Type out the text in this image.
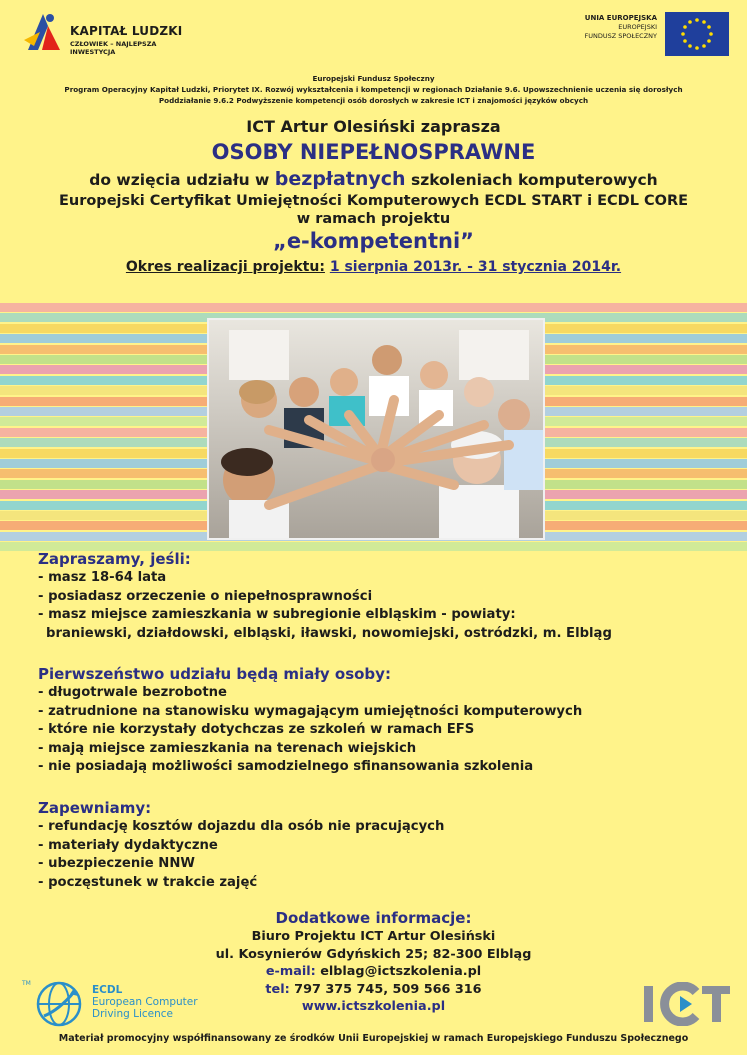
KAPITAŁ LUDZKI
CZŁOWIEK – NAJLEPSZA INWESTYCJA
UNIA EUROPEJSKA
EUROPEJSKI
FUNDUSZ SPOŁECZNY
Europejski Fundusz Społeczny
Program Operacyjny Kapitał Ludzki, Priorytet IX. Rozwój wykształcenia i kompetencji w regionach Działanie 9.6. Upowszechnienie uczenia się dorosłych
Poddziałanie 9.6.2 Podwyższenie kompetencji osób dorosłych w zakresie ICT i znajomości języków obcych
ICT Artur Olesiński zaprasza
OSOBY NIEPEŁNOSPRAWNE
do wzięcia udziału w bezpłatnych szkoleniach komputerowych
Europejski Certyfikat Umiejętności Komputerowych ECDL START i ECDL CORE
w ramach projektu
„e-kompetentni”
Okres realizacji projektu: 1 sierpnia 2013r. - 31 stycznia 2014r.
Zapraszamy, jeśli:
- masz 18-64 lata
- posiadasz orzeczenie o niepełnosprawności
- masz miejsce zamieszkania w subregionie elbląskim - powiaty:
braniewski, działdowski, elbląski, iławski, nowomiejski, ostródzki, m. Elbląg
Pierwszeństwo udziału będą miały osoby:
- długotrwale bezrobotne
- zatrudnione na stanowisku wymagającym umiejętności komputerowych
- które nie korzystały dotychczas ze szkoleń w ramach EFS
- mają miejsce zamieszkania na terenach wiejskich
- nie posiadają możliwości samodzielnego sfinansowania szkolenia
Zapewniamy:
- refundację kosztów dojazdu dla osób nie pracujących
- materiały dydaktyczne
- ubezpieczenie NNW
- poczęstunek w trakcie zajęć
Dodatkowe informacje:
Biuro Projektu ICT Artur Olesiński
ul. Kosynierów Gdyńskich 25; 82-300 Elbląg
e-mail: elblag@ictszkolenia.pl
tel: 797 375 745, 509 566 316
www.ictszkolenia.pl
TM
ECDL
European Computer
Driving Licence
Materiał promocyjny współfinansowany ze środków Unii Europejskiej w ramach Europejskiego Funduszu Społecznego
